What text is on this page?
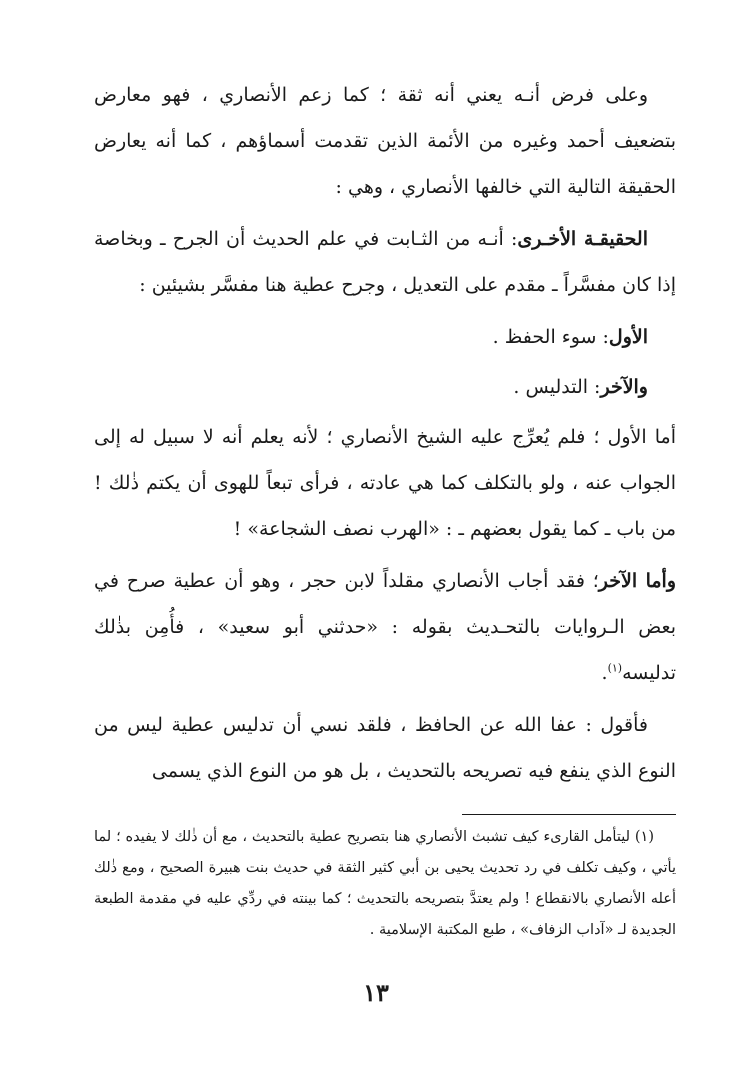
وعلى فرض أنـه يعني أنه ثقة ؛ كما زعم الأنصاري ، فهو معارض بتضعيف أحمد وغيره من الأئمة الذين تقدمت أسماؤهم ، كما أنه يعارض الحقيقة التالية التي خالفها الأنصاري ، وهي :

الحقيقـة الأخـرى: أنـه من الثـابت في علم الحديث أن الجرح ـ وبخاصة إذا كان مفسَّراً ـ مقدم على التعديل ، وجرح عطية هنا مفسَّر بشيئين :

الأول: سوء الحفظ .

والآخر: التدليس .

أما الأول ؛ فلم يُعرِّج عليه الشيخ الأنصاري ؛ لأنه يعلم أنه لا سبيل له إلى الجواب عنه ، ولو بالتكلف كما هي عادته ، فرأى تبعاً للهوى أن يكتم ذٰلك ! من باب ـ كما يقول بعضهم ـ : «الهرب نصف الشجاعة» !

وأما الآخر؛ فقد أجاب الأنصاري مقلداً لابن حجر ، وهو أن عطية صرح في بعض الـروايات بالتحـديث بقوله : «حدثني أبو سعيد» ، فأُمِن بذٰلك تدليسه$^{(١)}$.

فأقول : عفا الله عن الحافظ ، فلقد نسي أن تدليس عطية ليس من النوع الذي ينفع فيه تصريحه بالتحديث ، بل هو من النوع الذي يسمى

(١) ليتأمل القارىء كيف تشبث الأنصاري هنا بتصريح عطية بالتحديث ، مع أن ذٰلك لا يفيده ؛ لما يأتي ، وكيف تكلف في رد تحديث يحيى بن أبي كثير الثقة في حديث بنت هبيرة الصحيح ، ومع ذٰلك أعله الأنصاري بالانقطاع ! ولم يعتدَّ بتصريحه بالتحديث ؛ كما بينته في ردِّي عليه في مقدمة الطبعة الجديدة لـ «آداب الزفاف» ، طبع المكتبة الإسلامية .

١٣
